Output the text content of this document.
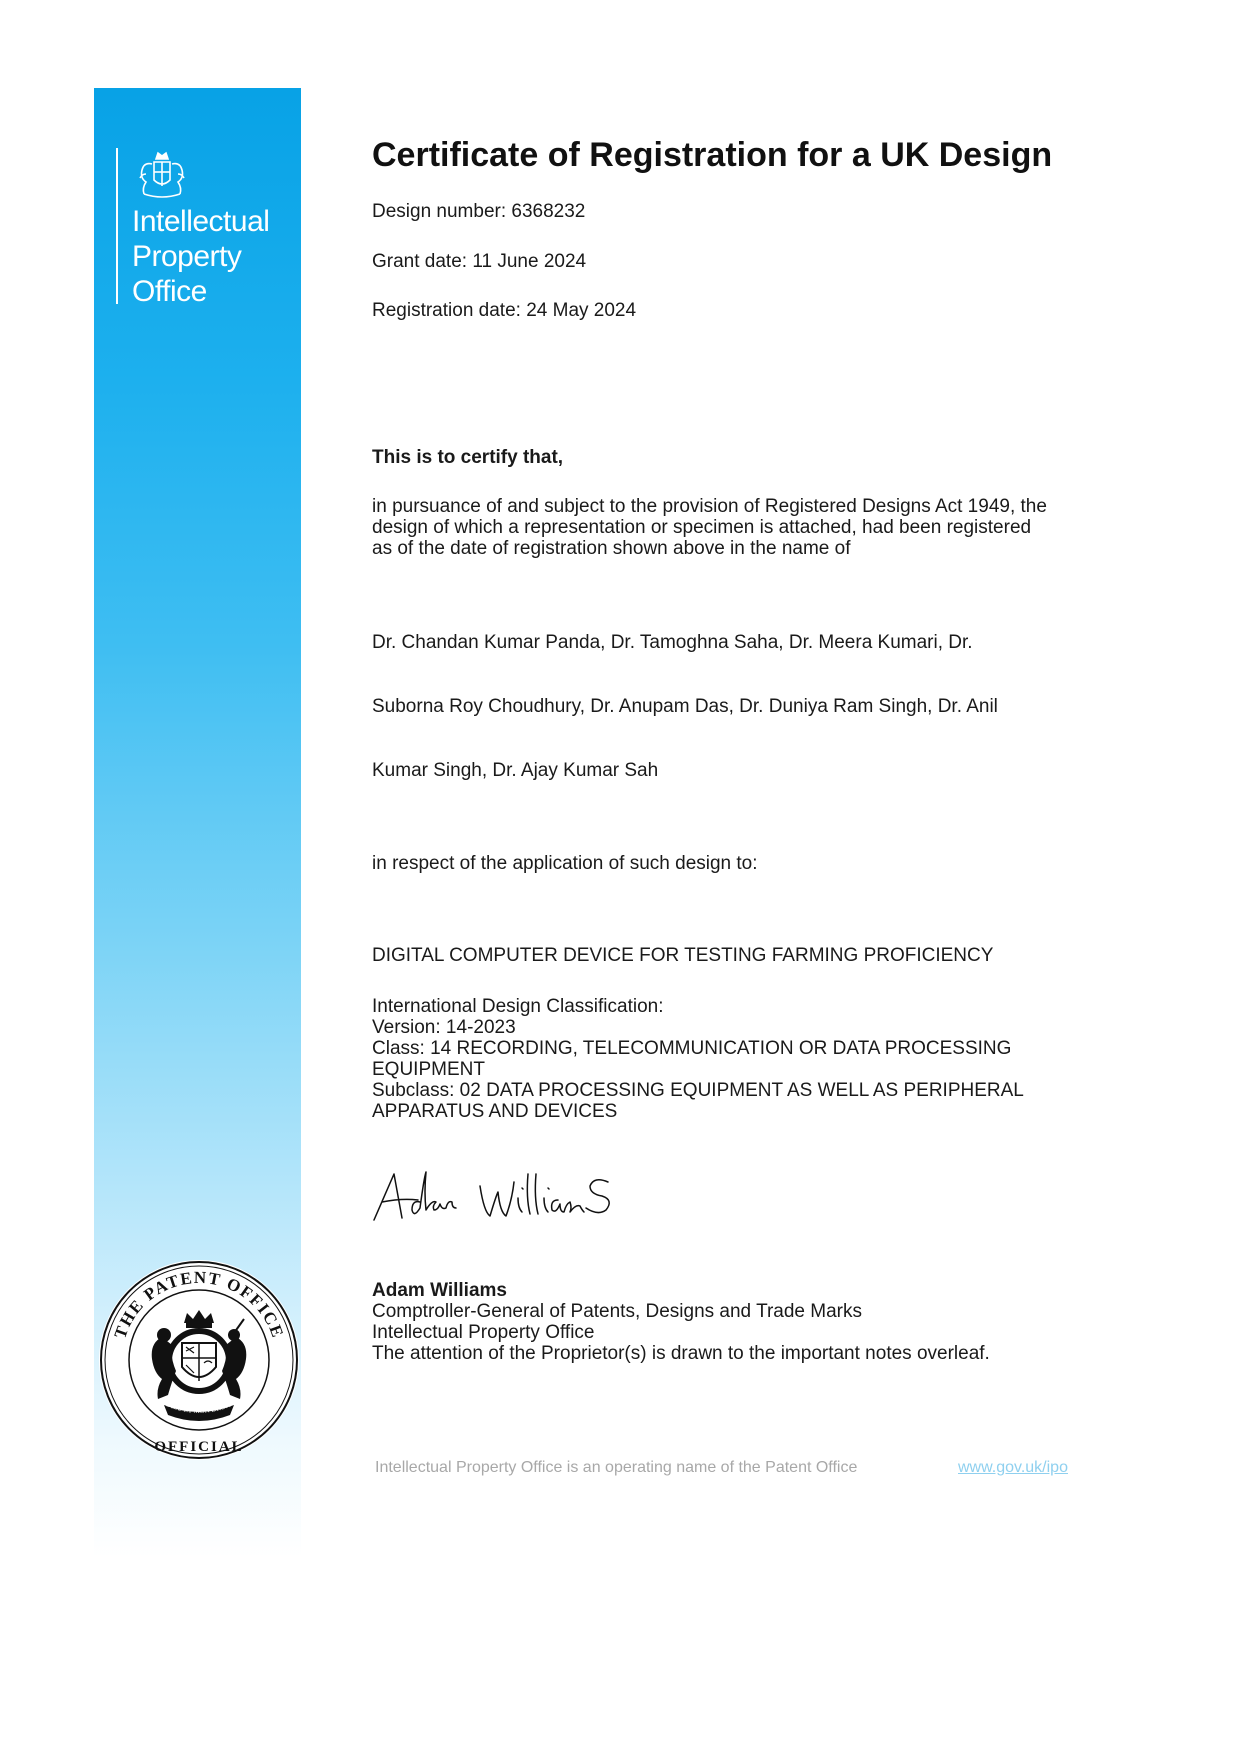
Intellectual
Property
Office
THE PATENT OFFICE
OFFICIAL
DIEU ET MON DROIT
Certificate of Registration for a UK Design
Design number: 6368232
Grant date: 11 June 2024
Registration date: 24 May 2024
This is to certify that,
in pursuance of and subject to the provision of Registered Designs Act 1949, the
design of which a representation or specimen is attached, had been registered
as of the date of registration shown above in the name of
Dr. Chandan Kumar Panda, Dr. Tamoghna Saha, Dr. Meera Kumari, Dr.
Suborna Roy Choudhury, Dr. Anupam Das, Dr. Duniya Ram Singh, Dr. Anil
Kumar Singh, Dr. Ajay Kumar Sah
in respect of the application of such design to:
DIGITAL COMPUTER DEVICE FOR TESTING FARMING PROFICIENCY
International Design Classification:
Version: 14-2023
Class: 14 RECORDING, TELECOMMUNICATION OR DATA PROCESSING
EQUIPMENT
Subclass: 02 DATA PROCESSING EQUIPMENT AS WELL AS PERIPHERAL
APPARATUS AND DEVICES
Adam Williams
Comptroller-General of Patents, Designs and Trade Marks
Intellectual Property Office
The attention of the Proprietor(s) is drawn to the important notes overleaf.
Intellectual Property Office is an operating name of the Patent Office	www.gov.uk/ipo
